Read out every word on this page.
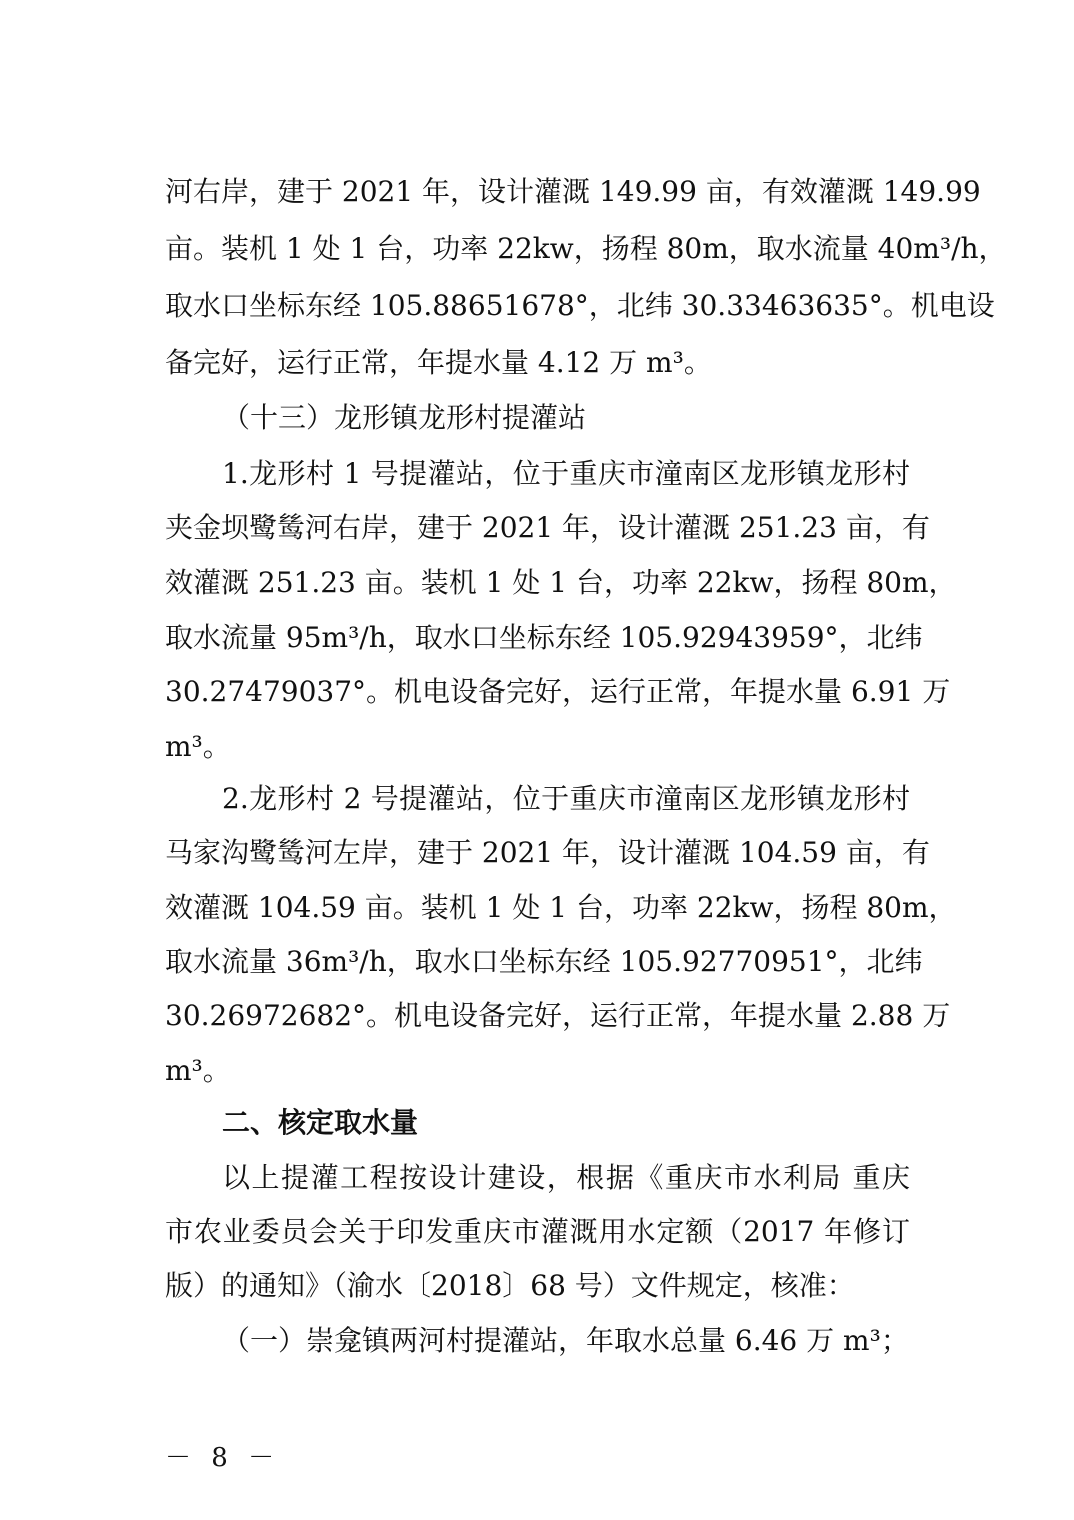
河右岸，建于 2021 年，设计灌溉 149.99 亩，有效灌溉 149.99
亩。装机 1 处 1 台，功率 22kw，扬程 80m，取水流量 40m³/h，
取水口坐标东经 105.88651678°，北纬 30.33463635°。机电设
备完好，运行正常，年提水量 4.12 万 m³。
（十三）龙形镇龙形村提灌站
1.龙形村 1 号提灌站，位于重庆市潼南区龙形镇龙形村
夹金坝鹭鸶河右岸，建于 2021 年，设计灌溉 251.23 亩，有
效灌溉 251.23 亩。装机 1 处 1 台，功率 22kw，扬程 80m，
取水流量 95m³/h，取水口坐标东经 105.92943959°，北纬
30.27479037°。机电设备完好，运行正常，年提水量 6.91 万
m³。
2.龙形村 2 号提灌站，位于重庆市潼南区龙形镇龙形村
马家沟鹭鸶河左岸，建于 2021 年，设计灌溉 104.59 亩，有
效灌溉 104.59 亩。装机 1 处 1 台，功率 22kw，扬程 80m，
取水流量 36m³/h，取水口坐标东经 105.92770951°，北纬
30.26972682°。机电设备完好，运行正常，年提水量 2.88 万
m³。
二、核定取水量
以上提灌工程按设计建设，根据《重庆市水利局 重庆
市农业委员会关于印发重庆市灌溉用水定额（2017 年修订
版）的通知》（渝水〔2018〕68 号）文件规定，核准：
（一）崇龛镇两河村提灌站，年取水总量 6.46 万 m³；
－ 8 －
